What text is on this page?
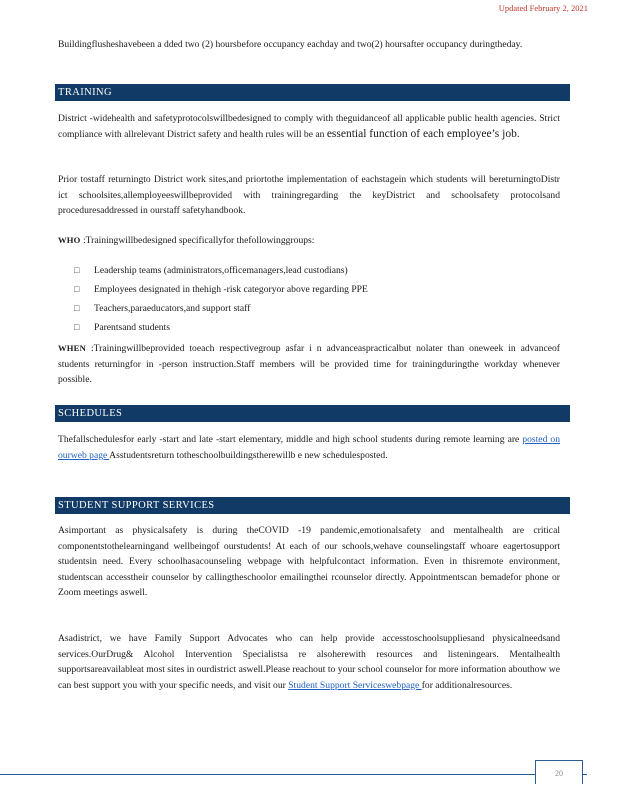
Updated February 2, 2021

Buildingflusheshavebeen a dded two (2) hoursbefore occupancy eachday and two(2) hoursafter occupancy duringtheday.

TRAINING

District -widehealth and safetyprotocolswillbedesigned to comply with theguidanceof all applicable public health agencies. Strict compliance with allrelevant District safety and health rules will be an essential function of each employee’s job.

Prior tostaff returningto District work sites,and priortothe implementation of eachstagein which students will bereturningtoDistr ict schoolsites,allemployeeswillbeprovided with trainingregarding the keyDistrict and schoolsafety protocolsand proceduresaddressed in ourstaff safetyhandbook.

WHO :Trainingwillbedesigned specificallyfor thefollowinggroups:

□	Leadership teams (administrators,officemanagers,lead custodians)
□	Employees designated in thehigh -risk categoryor above regarding PPE
□	Teachers,paraeducators,and support staff
□	Parentsand students

WHEN :Trainingwillbeprovided toeach respectivegroup asfar i n advanceaspracticalbut nolater than oneweek in advanceof students returningfor in -person instruction.Staff members will be provided time for trainingduringthe workday whenever possible.

SCHEDULES

Thefallschedulesfor early -start and late -start elementary, middle and high school students during remote learning are posted on ourweb page Asstudentsreturn totheschoolbuildingstherewillb e new schedulesposted.

STUDENT SUPPORT SERVICES

Asimportant as physicalsafety is during theCOVID -19 pandemic,emotionalsafety and mentalhealth are critical componentstothelearningand wellbeingof ourstudents! At each of our schools,wehave counselingstaff whoare eagertosupport studentsin need. Every schoolhasacounseling webpage with helpfulcontact information. Even in thisremote environment, studentscan accesstheir counselor by callingtheschoolor emailingthei rcounselor directly. Appointmentscan bemadefor phone or Zoom meetings aswell.

Asadistrict, we have Family Support Advocates who can help provide accesstoschoolsuppliesand physicalneedsand services.OurDrug& Alcohol Intervention Specialistsa re alsoherewith resources and listeningears. Mentalhealth supportsareavailableat most sites in ourdistrict aswell.Please reachout to your school counselor for more information abouthow we can best support you with your specific needs, and visit our Student Support Serviceswebpage for additionalresources.

20
